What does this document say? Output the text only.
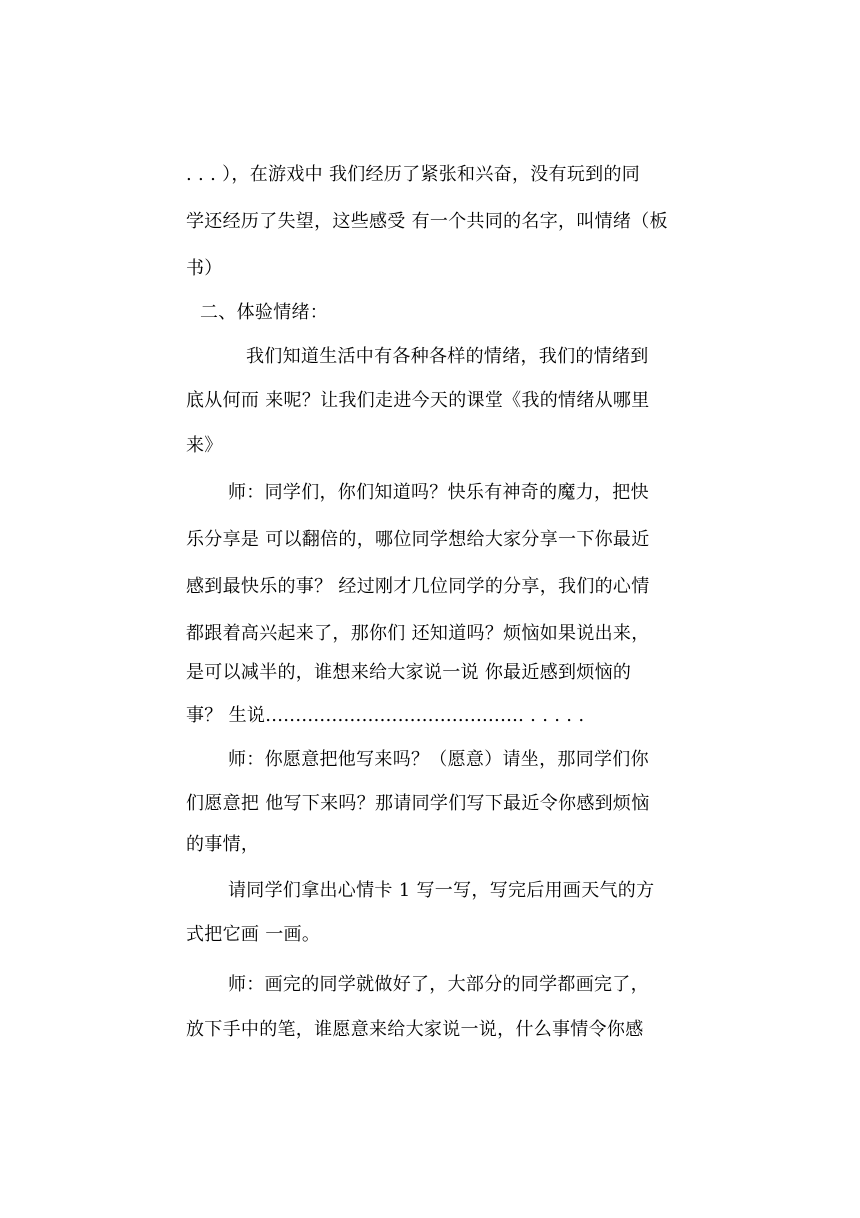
. . . ），在游戏中 我们经历了紧张和兴奋，没有玩到的同
学还经历了失望，这些感受 有一个共同的名字，叫情绪（板
书）
二、体验情绪：
我们知道生活中有各种各样的情绪，我们的情绪到
底从何而 来呢？让我们走进今天的课堂《我的情绪从哪里
来》
师：同学们，你们知道吗？快乐有神奇的魔力，把快
乐分享是 可以翻倍的，哪位同学想给大家分享一下你最近
感到最快乐的事？ 经过刚才几位同学的分享，我们的心情
都跟着高兴起来了，那你们 还知道吗？烦恼如果说出来，
是可以减半的，谁想来给大家说一说 你最近感到烦恼的
事？ 生说........................................... . . . . .
师：你愿意把他写来吗？（愿意）请坐，那同学们你
们愿意把 他写下来吗？那请同学们写下最近令你感到烦恼
的事情，
请同学们拿出心情卡 1 写一写，写完后用画天气的方
式把它画 一画。
师：画完的同学就做好了，大部分的同学都画完了，
放下手中的笔，谁愿意来给大家说一说，什么事情令你感
